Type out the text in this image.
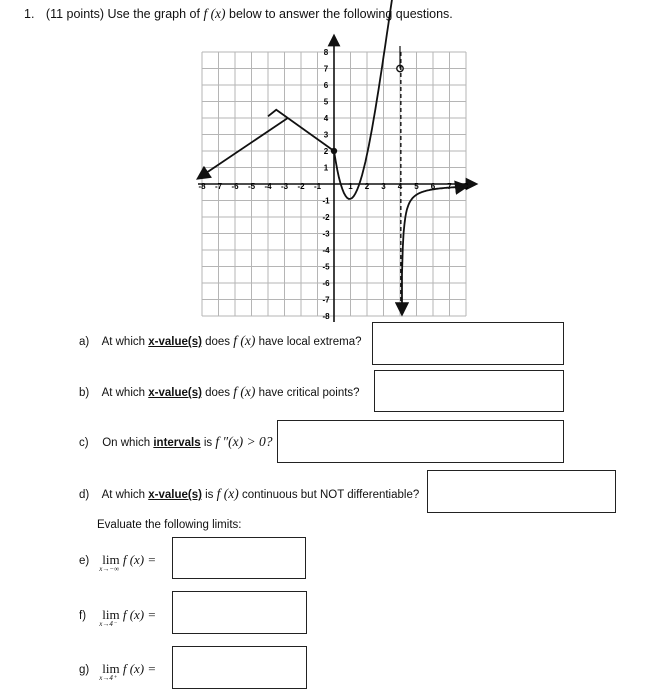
1. (11 points) Use the graph of f (x) below to answer the following questions.
-8 -7 -6 -5 -4 -3 -2 -1	1 2 3 4 5 6 7 8
8
7
6
5
4
3
2
1
-1
-2
-3
-4
-5
-6
-7
-8
a) At which x-value(s) does f (x) have local extrema?
b) At which x-value(s) does f (x) have critical points?
c) On which intervals is f ″(x) > 0?
d) At which x-value(s) is f (x) continuous but NOT differentiable?
Evaluate the following limits:
e) lim
x→−∞
f (x) =
f) lim
x→4⁻
f (x) =
g) lim
x→4⁺
f (x) =
